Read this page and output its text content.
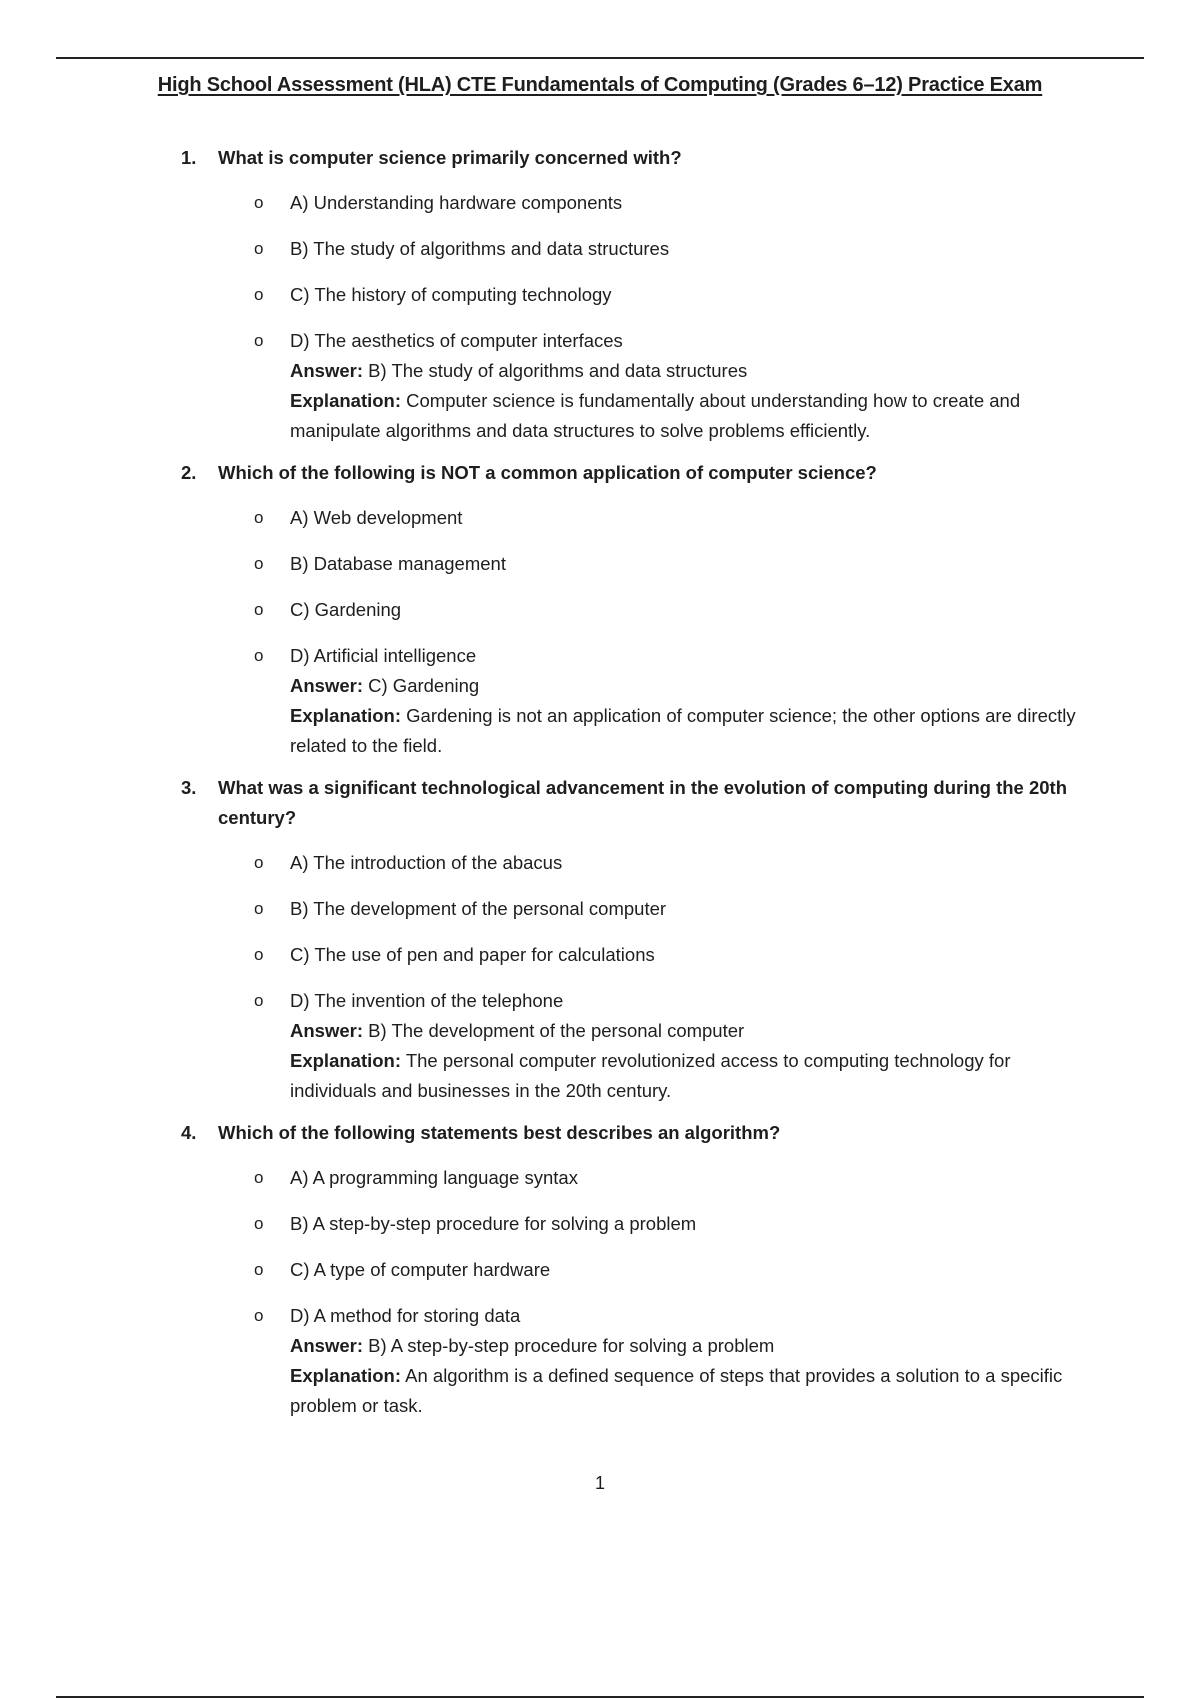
High School Assessment (HLA) CTE Fundamentals of Computing (Grades 6–12) Practice Exam
1. What is computer science primarily concerned with?
o A) Understanding hardware components
o B) The study of algorithms and data structures
o C) The history of computing technology
o D) The aesthetics of computer interfaces
Answer: B) The study of algorithms and data structures
Explanation: Computer science is fundamentally about understanding how to create and manipulate algorithms and data structures to solve problems efficiently.
2. Which of the following is NOT a common application of computer science?
o A) Web development
o B) Database management
o C) Gardening
o D) Artificial intelligence
Answer: C) Gardening
Explanation: Gardening is not an application of computer science; the other options are directly related to the field.
3. What was a significant technological advancement in the evolution of computing during the 20th century?
o A) The introduction of the abacus
o B) The development of the personal computer
o C) The use of pen and paper for calculations
o D) The invention of the telephone
Answer: B) The development of the personal computer
Explanation: The personal computer revolutionized access to computing technology for individuals and businesses in the 20th century.
4. Which of the following statements best describes an algorithm?
o A) A programming language syntax
o B) A step-by-step procedure for solving a problem
o C) A type of computer hardware
o D) A method for storing data
Answer: B) A step-by-step procedure for solving a problem
Explanation: An algorithm is a defined sequence of steps that provides a solution to a specific problem or task.
1
